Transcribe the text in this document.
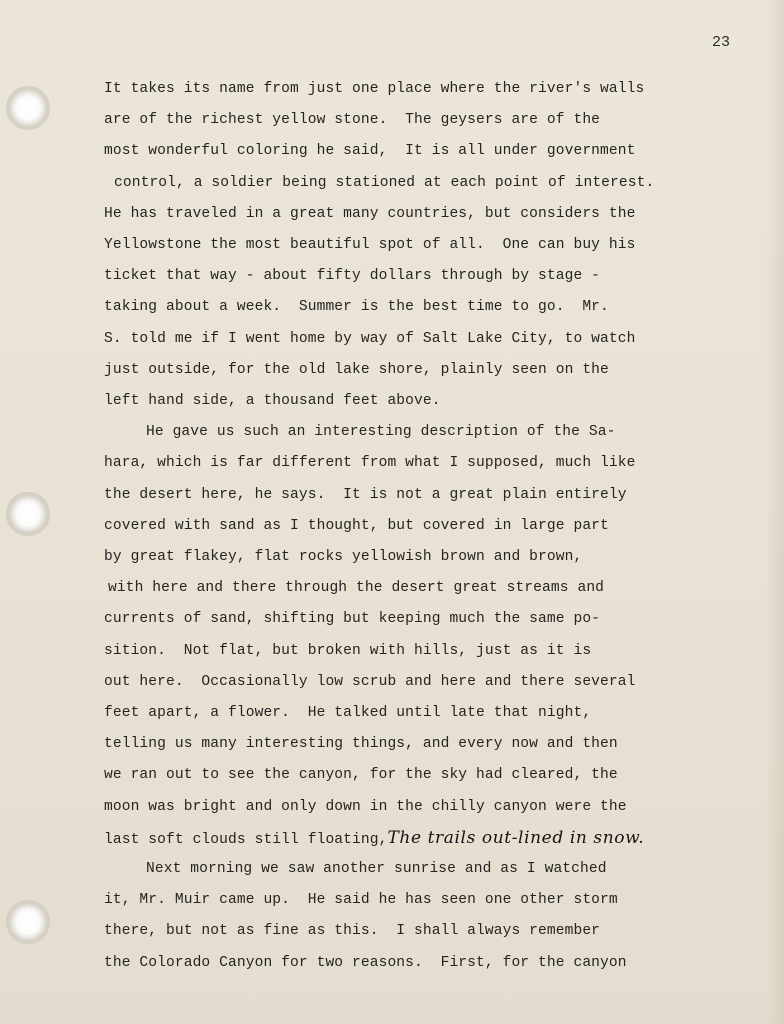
23
It takes its name from just one place where the river's walls
are of the richest yellow stone.  The geysers are of the
most wonderful coloring he said,  It is all under government
control, a soldier being stationed at each point of interest.
He has traveled in a great many countries, but considers the
Yellowstone the most beautiful spot of all.  One can buy his
ticket that way - about fifty dollars through by stage -
taking about a week.  Summer is the best time to go.  Mr.
S. told me if I went home by way of Salt Lake City, to watch
just outside, for the old lake shore, plainly seen on the
left hand side, a thousand feet above.
He gave us such an interesting description of the Sa-
hara, which is far different from what I supposed, much like
the desert here, he says.  It is not a great plain entirely
covered with sand as I thought, but covered in large part
by great flakey, flat rocks yellowish brown and brown,
with here and there through the desert great streams and
currents of sand, shifting but keeping much the same po-
sition.  Not flat, but broken with hills, just as it is
out here.  Occasionally low scrub and here and there several
feet apart, a flower.  He talked until late that night,
telling us many interesting things, and every now and then
we ran out to see the canyon, for the sky had cleared, the
moon was bright and only down in the chilly canyon were the
last soft clouds still floating,The trails out-lined in snow.
Next morning we saw another sunrise and as I watched
it, Mr. Muir came up.  He said he has seen one other storm
there, but not as fine as this.  I shall always remember
the Colorado Canyon for two reasons.  First, for the canyon
